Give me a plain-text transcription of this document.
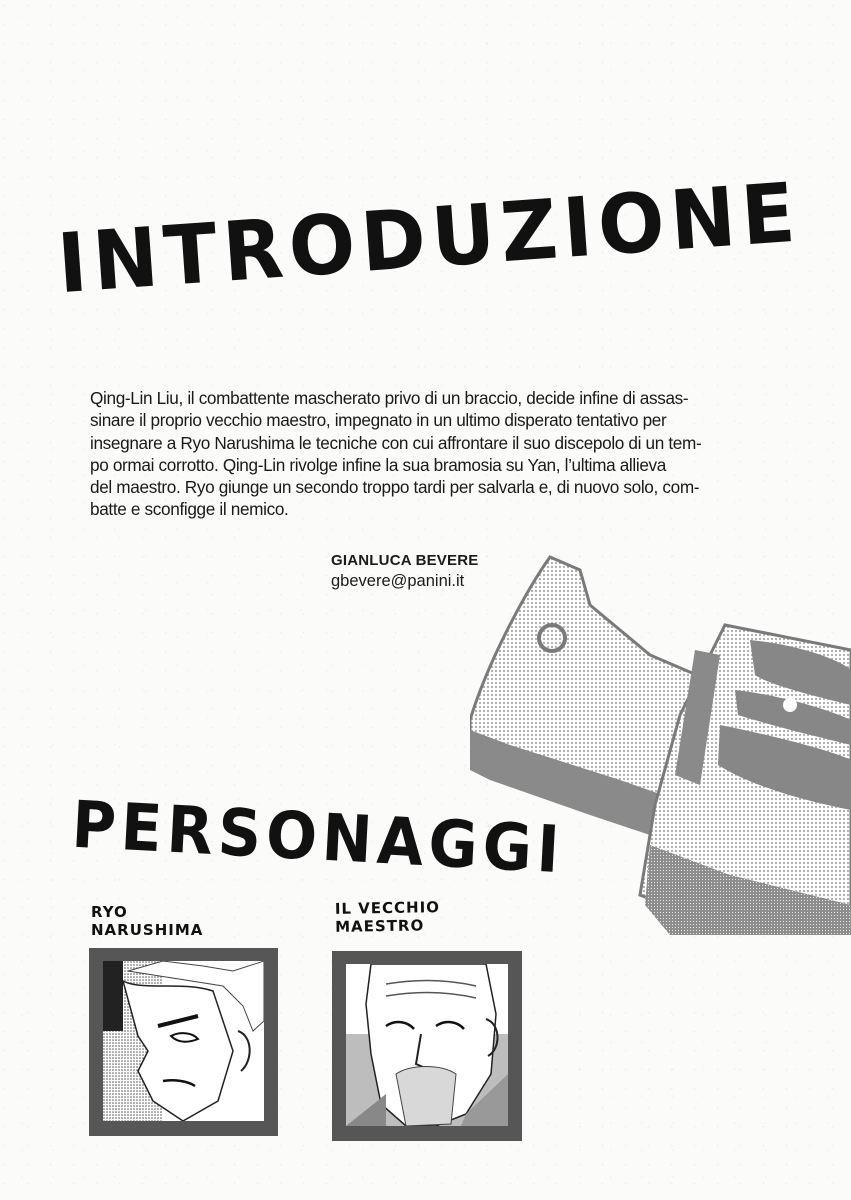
INTRODUZIONE
Qing-Lin Liu, il combattente mascherato privo di un braccio, decide infine di assas-
sinare il proprio vecchio maestro, impegnato in un ultimo disperato tentativo per
insegnare a Ryo Narushima le tecniche con cui affrontare il suo discepolo di un tem-
po ormai corrotto. Qing-Lin rivolge infine la sua bramosia su Yan, l’ultima allieva
del maestro. Ryo giunge un secondo troppo tardi per salvarla e, di nuovo solo, com-
batte e sconfigge il nemico.
GIANLUCA BEVERE
gbevere@panini.it
PERSONAGGI
RYO
NARUSHIMA
IL VECCHIO
MAESTRO
